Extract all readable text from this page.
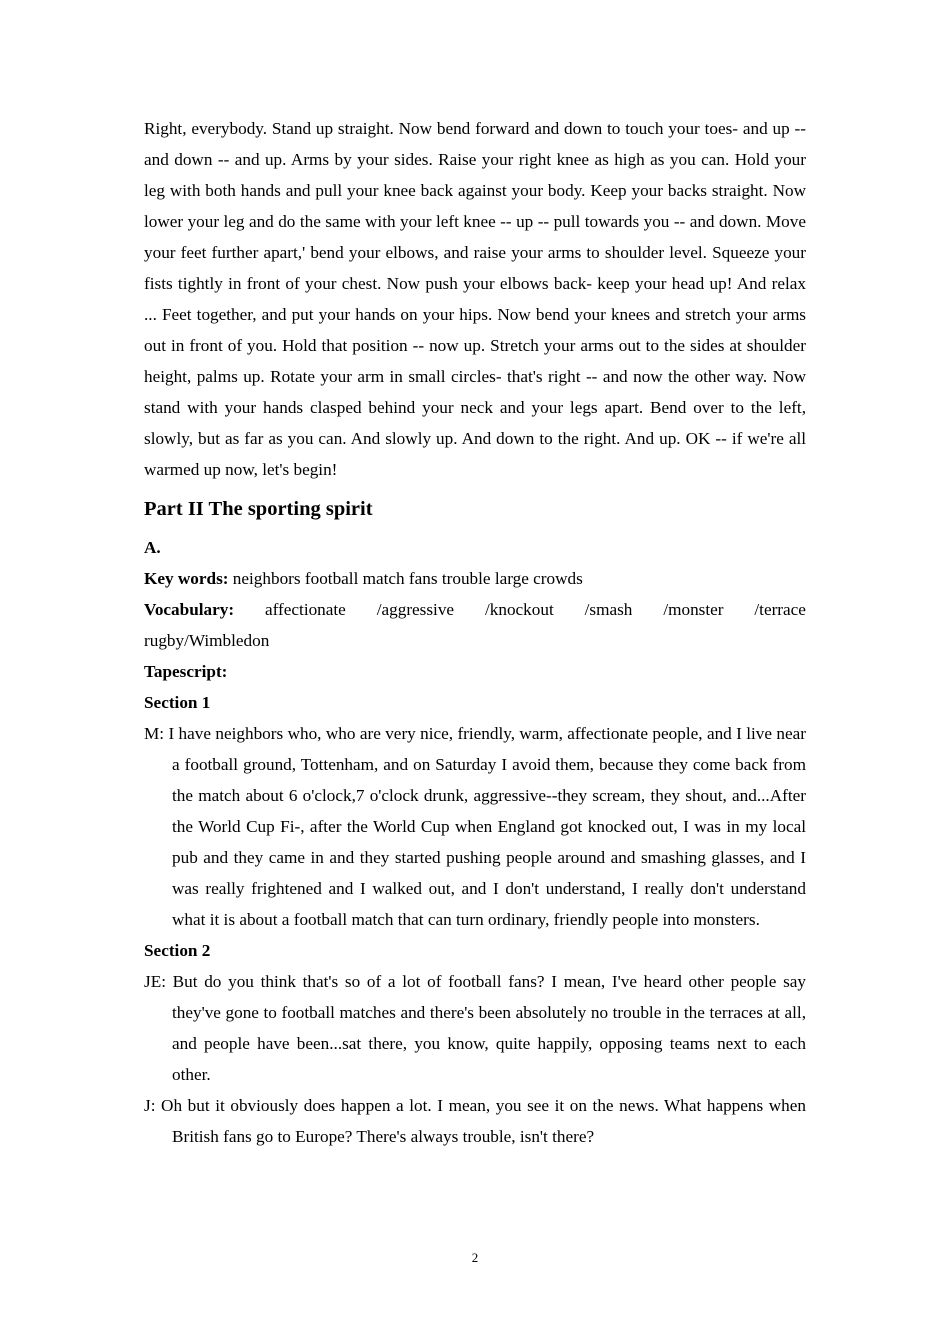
Right, everybody. Stand up straight. Now bend forward and down to touch your toes- and up -- and down -- and up. Arms by your sides. Raise your right knee as high as you can. Hold your leg with both hands and pull your knee back against your body. Keep your backs straight. Now lower your leg and do the same with your left knee -- up -- pull towards you -- and down. Move your feet further apart,' bend your elbows, and raise your arms to shoulder level. Squeeze your fists tightly in front of your chest. Now push your elbows back- keep your head up! And relax ... Feet together, and put your hands on your hips. Now bend your knees and stretch your arms out in front of you. Hold that position -- now up. Stretch your arms out to the sides at shoulder height, palms up. Rotate your arm in small circles- that's right -- and now the other way. Now stand with your hands clasped behind your neck and your legs apart. Bend over to the left, slowly, but as far as you can. And slowly up. And down to the right. And up. OK -- if we're all warmed up now, let's begin!

Part II The sporting spirit

A.

Key words: neighbors football match fans trouble large crowds

Vocabulary: affectionate /aggressive /knockout /smash /monster /terrace
rugby/Wimbledon

Tapescript:

Section 1

M: I have neighbors who, who are very nice, friendly, warm, affectionate people, and I live near a football ground, Tottenham, and on Saturday I avoid them, because they come back from the match about 6 o'clock,7 o'clock drunk, aggressive--they scream, they shout, and...After the World Cup Fi-, after the World Cup when England got knocked out, I was in my local pub and they came in and they started pushing people around and smashing glasses, and I was really frightened and I walked out, and I don't understand, I really don't understand what it is about a football match that can turn ordinary, friendly people into monsters.

Section 2

JE: But do you think that's so of a lot of football fans? I mean, I've heard other people say they've gone to football matches and there's been absolutely no trouble in the terraces at all, and people have been...sat there, you know, quite happily, opposing teams next to each other.

J: Oh but it obviously does happen a lot. I mean, you see it on the news. What happens when British fans go to Europe? There's always trouble, isn't there?

2
